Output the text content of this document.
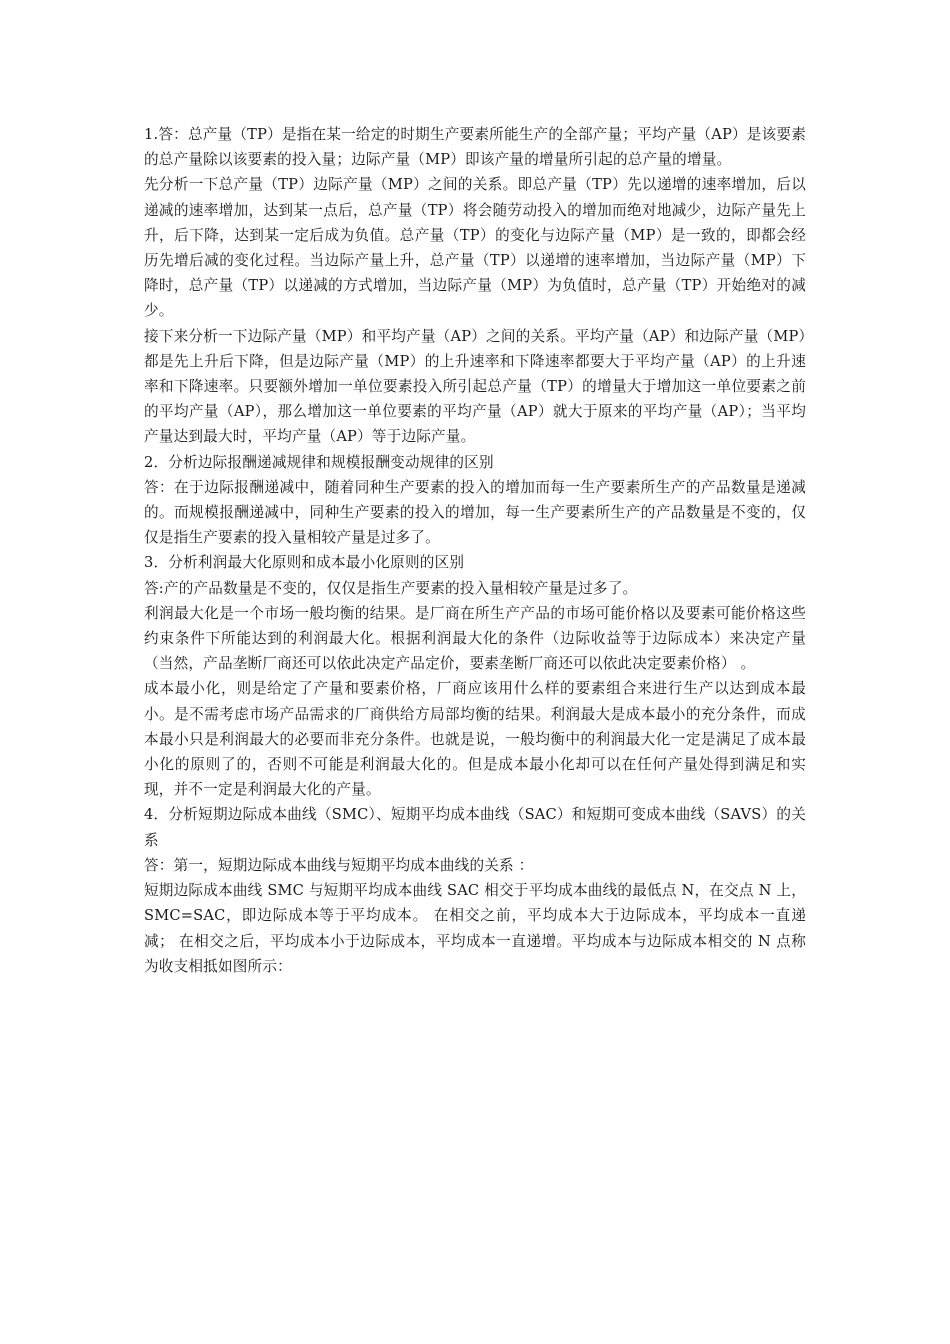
1.答：总产量（TP）是指在某一给定的时期生产要素所能生产的全部产量；平均产量（AP）是该要素的总产量除以该要素的投入量；边际产量（MP）即该产量的增量所引起的总产量的增量。

先分析一下总产量（TP）边际产量（MP）之间的关系。即总产量（TP）先以递增的速率增加，后以递减的速率增加，达到某一点后，总产量（TP）将会随劳动投入的增加而绝对地减少，边际产量先上升，后下降，达到某一定后成为负值。总产量（TP）的变化与边际产量（MP）是一致的，即都会经历先增后减的变化过程。当边际产量上升，总产量（TP）以递增的速率增加，当边际产量（MP）下降时，总产量（TP）以递减的方式增加，当边际产量（MP）为负值时，总产量（TP）开始绝对的减少。

接下来分析一下边际产量（MP）和平均产量（AP）之间的关系。平均产量（AP）和边际产量（MP）都是先上升后下降，但是边际产量（MP）的上升速率和下降速率都要大于平均产量（AP）的上升速率和下降速率。只要额外增加一单位要素投入所引起总产量（TP）的增量大于增加这一单位要素之前的平均产量（AP），那么增加这一单位要素的平均产量（AP）就大于原来的平均产量（AP）；当平均产量达到最大时，平均产量（AP）等于边际产量。

2．分析边际报酬递减规律和规模报酬变动规律的区别

答：在于边际报酬递减中，随着同种生产要素的投入的增加而每一生产要素所生产的产品数量是递减的。而规模报酬递减中，同种生产要素的投入的增加，每一生产要素所生产的产品数量是不变的，仅仅是指生产要素的投入量相较产量是过多了。

3．分析利润最大化原则和成本最小化原则的区别

答:产的产品数量是不变的，仅仅是指生产要素的投入量相较产量是过多了。

利润最大化是一个市场一般均衡的结果。是厂商在所生产产品的市场可能价格以及要素可能价格这些约束条件下所能达到的利润最大化。根据利润最大化的条件（边际收益等于边际成本）来决定产量（当然，产品垄断厂商还可以依此决定产品定价，要素垄断厂商还可以依此决定要素价格） 。

成本最小化，则是给定了产量和要素价格，厂商应该用什么样的要素组合来进行生产以达到成本最小。是不需考虑市场产品需求的厂商供给方局部均衡的结果。利润最大是成本最小的充分条件，而成本最小只是利润最大的必要而非充分条件。也就是说，一般均衡中的利润最大化一定是满足了成本最小化的原则了的，否则不可能是利润最大化的。但是成本最小化却可以在任何产量处得到满足和实现，并不一定是利润最大化的产量。

4．分析短期边际成本曲线（SMC）、短期平均成本曲线（SAC）和短期可变成本曲线（SAVS）的关系

答：第一，短期边际成本曲线与短期平均成本曲线的关系 ：

短期边际成本曲线 SMC 与短期平均成本曲线 SAC 相交于平均成本曲线的最低点 N，在交点 N 上，SMC=SAC，即边际成本等于平均成本。 在相交之前，平均成本大于边际成本，平均成本一直递减； 在相交之后，平均成本小于边际成本，平均成本一直递增。平均成本与边际成本相交的 N 点称为收支相抵如图所示：
